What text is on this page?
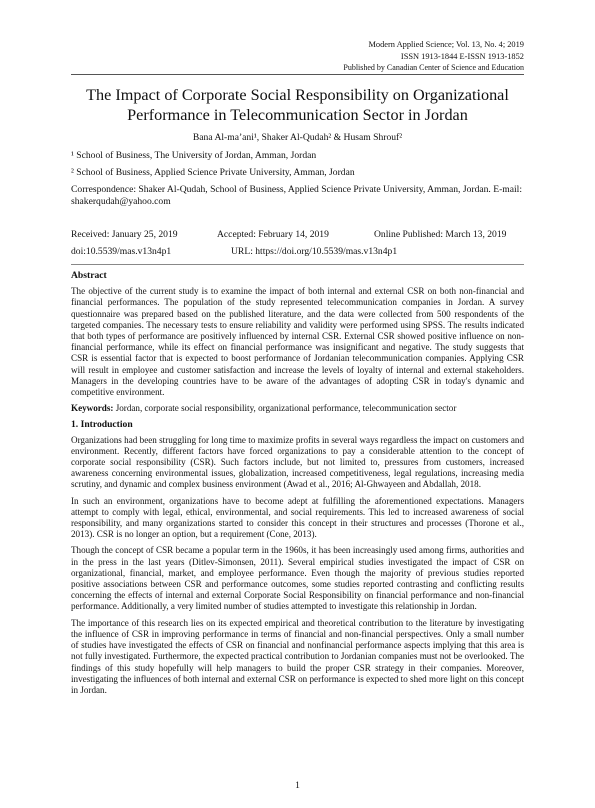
Modern Applied Science; Vol. 13, No. 4; 2019
ISSN 1913-1844 E-ISSN 1913-1852
Published by Canadian Center of Science and Education
The Impact of Corporate Social Responsibility on Organizational
Performance in Telecommunication Sector in Jordan
Bana Al-ma’ani¹, Shaker Al-Qudah² & Husam Shrouf²
¹ School of Business, The University of Jordan, Amman, Jordan
² School of Business, Applied Science Private University, Amman, Jordan
Correspondence: Shaker Al-Qudah, School of Business, Applied Science Private University, Amman, Jordan. E-mail: shakerqudah@yahoo.com
Received: January 25, 2019	Accepted: February 14, 2019	Online Published: March 13, 2019
doi:10.5539/mas.v13n4p1	URL: https://doi.org/10.5539/mas.v13n4p1

Abstract

The objective of the current study is to examine the impact of both internal and external CSR on both non-financial and financial performances. The population of the study represented telecommunication companies in Jordan. A survey questionnaire was prepared based on the published literature, and the data were collected from 500 respondents of the targeted companies. The necessary tests to ensure reliability and validity were performed using SPSS. The results indicated that both types of performance are positively influenced by internal CSR. External CSR showed positive influence on non-financial performance, while its effect on financial performance was insignificant and negative. The study suggests that CSR is essential factor that is expected to boost performance of Jordanian telecommunication companies. Applying CSR will result in employee and customer satisfaction and increase the levels of loyalty of internal and external stakeholders. Managers in the developing countries have to be aware of the advantages of adopting CSR in today's dynamic and competitive environment.

Keywords: Jordan, corporate social responsibility, organizational performance, telecommunication sector

1. Introduction

Organizations had been struggling for long time to maximize profits in several ways regardless the impact on customers and environment. Recently, different factors have forced organizations to pay a considerable attention to the concept of corporate social responsibility (CSR). Such factors include, but not limited to, pressures from customers, increased awareness concerning environmental issues, globalization, increased competitiveness, legal regulations, increasing media scrutiny, and dynamic and complex business environment (Awad et al., 2016; Al-Ghwayeen and Abdallah, 2018.

In such an environment, organizations have to become adept at fulfilling the aforementioned expectations. Managers attempt to comply with legal, ethical, environmental, and social requirements. This led to increased awareness of social responsibility, and many organizations started to consider this concept in their structures and processes (Thorone et al., 2013). CSR is no longer an option, but a requirement (Cone, 2013).

Though the concept of CSR became a popular term in the 1960s, it has been increasingly used among firms, authorities and in the press in the last years (Ditlev-Simonsen, 2011). Several empirical studies investigated the impact of CSR on organizational, financial, market, and employee performance. Even though the majority of previous studies reported positive associations between CSR and performance outcomes, some studies reported contrasting and conflicting results concerning the effects of internal and external Corporate Social Responsibility on financial performance and non-financial performance. Additionally, a very limited number of studies attempted to investigate this relationship in Jordan.

The importance of this research lies on its expected empirical and theoretical contribution to the literature by investigating the influence of CSR in improving performance in terms of financial and non-financial perspectives. Only a small number of studies have investigated the effects of CSR on financial and nonfinancial performance aspects implying that this area is not fully investigated. Furthermore, the expected practical contribution to Jordanian companies must not be overlooked. The findings of this study hopefully will help managers to build the proper CSR strategy in their companies. Moreover, investigating the influences of both internal and external CSR on performance is expected to shed more light on this concept in Jordan.

1
